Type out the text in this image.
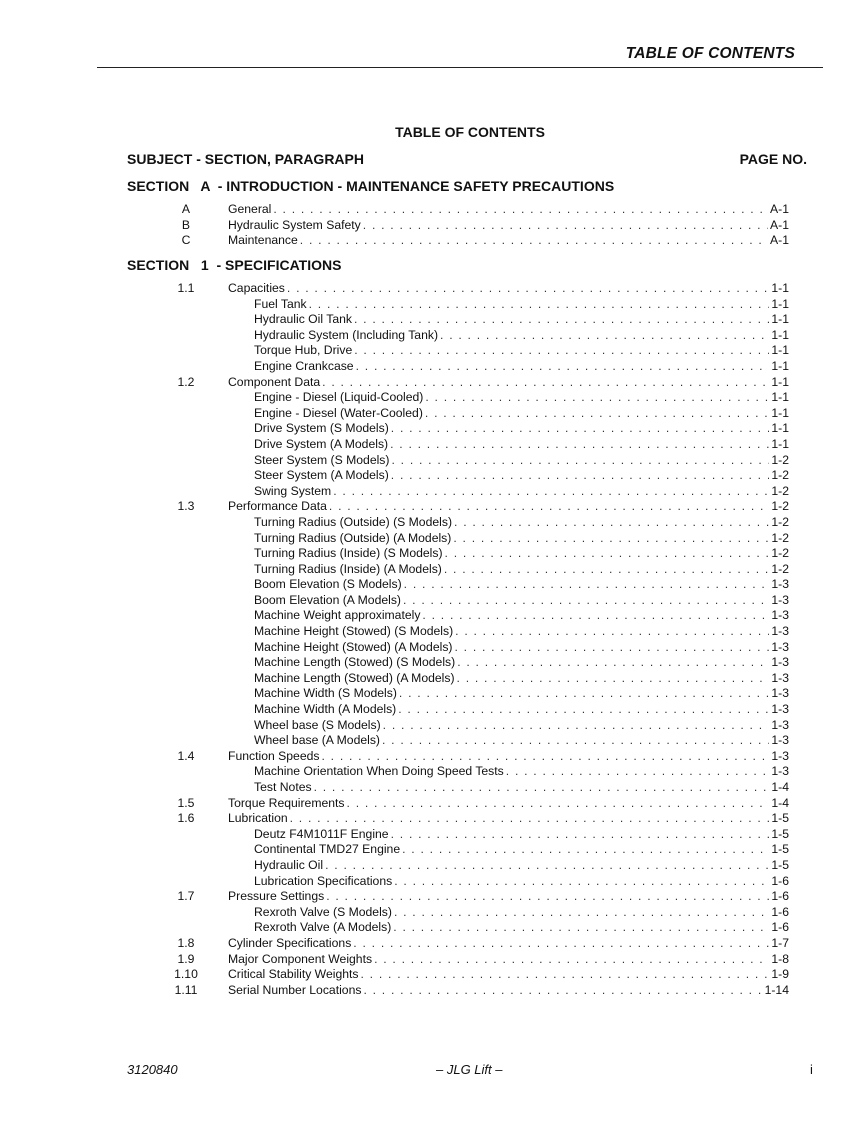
TABLE OF CONTENTS
TABLE OF CONTENTS
SUBJECT - SECTION, PARAGRAPH	PAGE NO.
SECTION   A  - INTRODUCTION - MAINTENANCE SAFETY PRECAUTIONS
A	General . . .	A-1
B	Hydraulic System Safety . . .	A-1
C	Maintenance . . .	A-1
SECTION   1  - SPECIFICATIONS
1.1	Capacities . . .	1-1
Fuel Tank . . .	1-1
Hydraulic Oil Tank . . .	1-1
Hydraulic System (Including Tank) . . .	1-1
Torque Hub, Drive . . .	1-1
Engine Crankcase . . .	1-1
1.2	Component Data . . .	1-1
Engine - Diesel (Liquid-Cooled) . . .	1-1
Engine - Diesel (Water-Cooled) . . .	1-1
Drive System (S Models) . . .	1-1
Drive System (A Models) . . .	1-1
Steer System (S Models) . . .	1-2
Steer System (A Models) . . .	1-2
Swing System . . .	1-2
1.3	Performance Data . . .	1-2
Turning Radius (Outside) (S Models) . . .	1-2
Turning Radius (Outside) (A Models) . . .	1-2
Turning Radius (Inside) (S Models) . . .	1-2
Turning Radius (Inside) (A Models) . . .	1-2
Boom Elevation (S Models) . . .	1-3
Boom Elevation (A Models) . . .	1-3
Machine Weight approximately . . .	1-3
Machine Height (Stowed) (S Models) . . .	1-3
Machine Height (Stowed) (A Models) . . .	1-3
Machine Length (Stowed) (S Models) . . .	1-3
Machine Length (Stowed) (A Models) . . .	1-3
Machine Width (S Models) . . .	1-3
Machine Width (A Models) . . .	1-3
Wheel base (S Models) . . .	1-3
Wheel base (A Models) . . .	1-3
1.4	Function Speeds . . .	1-3
Machine Orientation When Doing Speed Tests . . .	1-3
Test Notes . . .	1-4
1.5	Torque Requirements . . .	1-4
1.6	Lubrication . . .	1-5
Deutz F4M1011F Engine . . .	1-5
Continental TMD27 Engine . . .	1-5
Hydraulic Oil . . .	1-5
Lubrication Specifications . . .	1-6
1.7	Pressure Settings . . .	1-6
Rexroth Valve (S Models) . . .	1-6
Rexroth Valve (A Models) . . .	1-6
1.8	Cylinder Specifications . . .	1-7
1.9	Major Component Weights . . .	1-8
1.10	Critical Stability Weights . . .	1-9
1.11	Serial Number Locations . . .	1-14
3120840	– JLG Lift –	i
